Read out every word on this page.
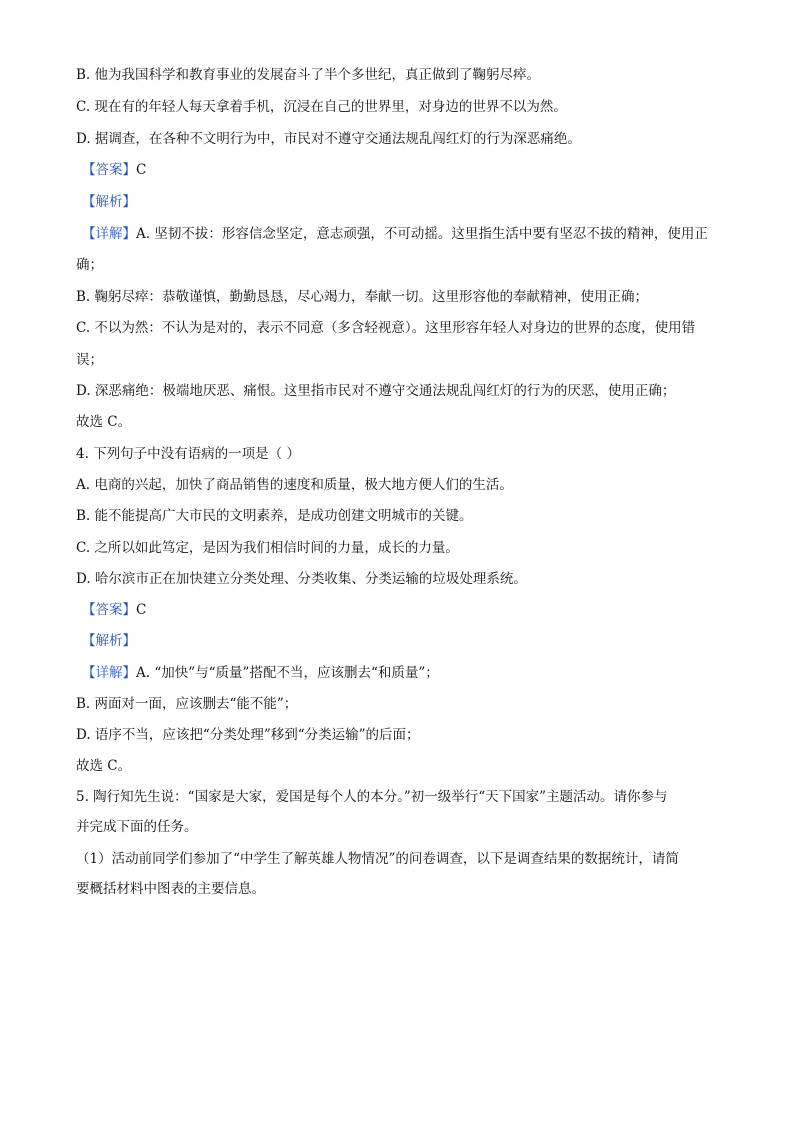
B. 他为我国科学和教育事业的发展奋斗了半个多世纪，真正做到了鞠躬尽瘁。
C. 现在有的年轻人每天拿着手机，沉浸在自己的世界里，对身边的世界不以为然。
D. 据调查，在各种不文明行为中，市民对不遵守交通法规乱闯红灯的行为深恶痛绝。
【答案】C
【解析】
【详解】A. 坚韧不拔：形容信念坚定，意志顽强，不可动摇。这里指生活中要有坚忍不拔的精神，使用正
确；
B. 鞠躬尽瘁：恭敬谨慎，勤勤恳恳，尽心竭力，奉献一切。这里形容他的奉献精神，使用正确；
C. 不以为然：不认为是对的，表示不同意（多含轻视意）。这里形容年轻人对身边的世界的态度，使用错
误；
D. 深恶痛绝：极端地厌恶、痛恨。这里指市民对不遵守交通法规乱闯红灯的行为的厌恶，使用正确；
故选 C。
4. 下列句子中没有语病的一项是（ ）
A. 电商的兴起，加快了商品销售的速度和质量，极大地方便人们的生活。
B. 能不能提高广大市民的文明素养，是成功创建文明城市的关键。
C. 之所以如此笃定，是因为我们相信时间的力量，成长的力量。
D. 哈尔滨市正在加快建立分类处理、分类收集、分类运输的垃圾处理系统。
【答案】C
【解析】
【详解】A. “加快”与“质量”搭配不当，应该删去“和质量”；
B. 两面对一面，应该删去“能不能”；
D. 语序不当，应该把“分类处理”移到“分类运输”的后面；
故选 C。
5. 陶行知先生说：“国家是大家，爱国是每个人的本分。”初一级举行“天下国家”主题活动。请你参与
并完成下面的任务。
（1）活动前同学们参加了“中学生了解英雄人物情况”的问卷调查，以下是调查结果的数据统计，请简
要概括材料中图表的主要信息。
